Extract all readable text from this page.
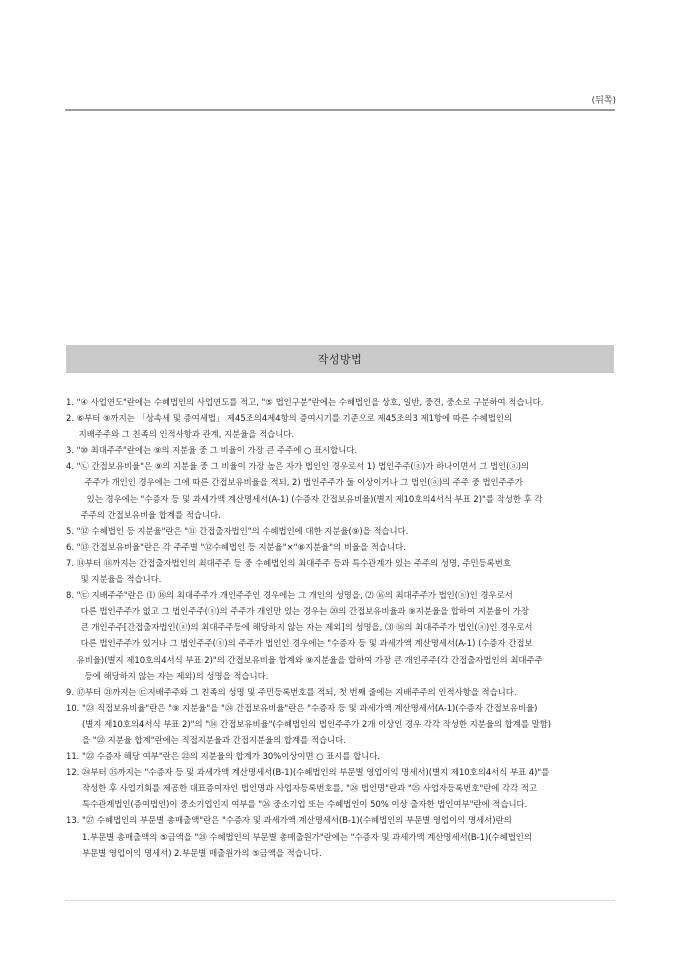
(뒤쪽)
작성방법
1. "④ 사업연도"란에는 수혜법인의 사업연도를 적고, "⑤ 법인구분"란에는 수혜법인을 상호, 일반, 중견, 중소로 구분하여 적습니다.
2. ⑥부터 ⑨까지는 「상속세 및 증여세법」 제45조의4제4항의 증여시기를 기준으로 제45조의3 제1항에 따른 수혜법인의
지배주주와 그 친족의 인적사항과 관계, 지분율을 적습니다.
3. "⑩ 최대주주"란에는 ⑨의 지분율 중 그 비율이 가장 큰 주주에 ○ 표시합니다.
4. "㉡ 간접보유비율"은 ⑨의 지분율 중 그 비율이 가장 높은 자가 법인인 경우로서 1) 법인주주(ⓐ)가 하나이면서 그 법인(ⓐ)의
주주가 개인인 경우에는 그에 따른 간접보유비율을 적되, 2) 법인주주가 둘 이상이거나 그 법인(ⓐ)의 주주 중 법인주주가
있는 경우에는 "수증자 등 및 과세가액 계산명세서(A-1) (수증자 간접보유비율)(별지 제10호의4서식 부표 2)"를 작성한 후 각
주주의 간접보유비율 합계를 적습니다.
5. "⑫ 수혜법인 등 지분율"란은 "⑪ 간접출자법인"의 수혜법인에 대한 지분율(⑨)을 적습니다.
6. "⑬ 간접보유비율"란은 각 주주별 "⑫수혜법인 등 지분율"×"⑧지분율"의 비율을 적습니다.
7. ⑭부터 ⑱까지는 간접출자법인의 최대주주 등 중 수혜법인의 최대주주 등과 특수관계가 있는 주주의 성명, 주민등록번호
및 지분율을 적습니다.
8. "㉢ 지배주주"란은 ⑴ ⑯의 최대주주가 개인주주인 경우에는 그 개인의 성명을, ⑵ ⑯의 최대주주가 법인(ⓐ)인 경우로서
다른 법인주주가 없고 그 법인주주(ⓐ)의 주주가 개인만 있는 경우는 ⑳의 간접보유비율과 ⑨지분율을 합하여 지분율이 가장
큰 개인주주[간접출자법인(ⓐ)의 최대주주등에 해당하지 않는 자는 제외]의 성명을, ⑶ ⑯의 최대주주가 법인(ⓐ)인 경우로서
다른 법인주주가 있거나 그 법인주주(ⓐ)의 주주가 법인인 경우에는 "수증자 등 및 과세가액 계산명세서(A-1) (수증자 간접보
유비율)(별지 제10호의4서식 부표 2)"의 간접보유비율 합계와 ⑨지분율을 합하여 가장 큰 개인주주(각 간접출자법인의 최대주주
등에 해당하지 않는 자는 제외)의 성명을 적습니다.
9. ⑰부터 ㉑까지는 ㉢지배주주와 그 친족의 성명 및 주민등록번호를 적되, 첫 번째 줄에는 지배주주의 인적사항을 적습니다.
10. "㉓ 직접보유비율"란은 "⑨ 지분율"을 "㉔ 간접보유비율"란은 "수증자 등 및 과세가액 계산명세서(A-1)(수증자 간접보유비율)
(별지 제10호의4서식 부표 2)"의 "⑭ 간접보유비율"(수혜법인의 법인주주가 2개 이상인 경우 각각 작성한 지분율의 합계를 말함)
을 "㉒ 지분율 합계"란에는 직접지분율과 간접지분율의 합계를 적습니다.
11. "㉒ 수증자 해당 여부"란은 ㉒의 지분율의 합계가 30%이상이면 ○ 표시를 합니다.
12. ㉔부터 ㉟까지는 "수증자 등 및 과세가액 계산명세서(B-1)(수혜법인의 부문별 영업이익 명세서)(별지 제10호의4서식 부표 4)"를
작성한 후 사업기회를 제공한 대표증여자인 법인명과 사업자등록번호를, "㉔ 법인명"란과 "㉕ 사업자등록번호"란에 각각 적고
특수관계법인(증여법인)이 중소기업인지 여부를 "㉖ 중소기업 또는 수혜법인이 50% 이상 출자한 법인여부"란에 적습니다.
13. "㉗ 수혜법인의 부문별 총매출액"란은 "수증자 및 과세가액 계산명세서(B-1)(수혜법인의 부문별 영업이익 명세서)란의
1.부문별 총매출액의 ⑤금액을 "㉘ 수혜법인의 부문별 총매출원가"란에는 "수증자 및 과세가액 계산명세서(B-1)(수혜법인의
부문별 영업이익 명세서) 2.부문별 매출원가의 ⑤금액을 적습니다.
